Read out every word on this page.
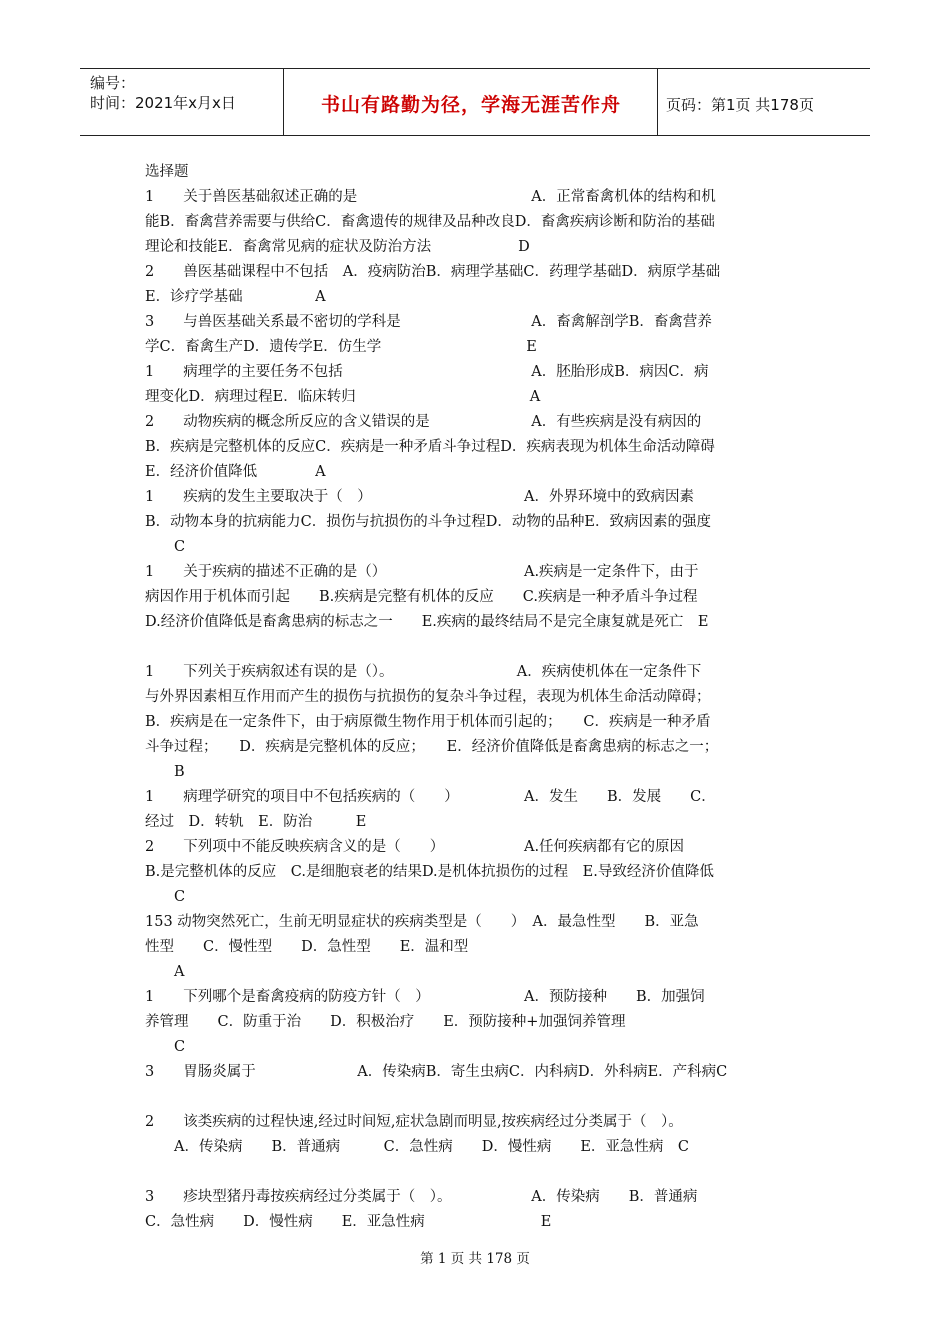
编号：
时间：2021年x月x日	书山有路勤为径，学海无涯苦作舟	页码：第1页 共178页
选择题
1　　关于兽医基础叙述正确的是　　　　　　　　　　　　A．正常畜禽机体的结构和机
能B．畜禽营养需要与供给C．畜禽遗传的规律及品种改良D．畜禽疾病诊断和防治的基础
理论和技能E．畜禽常见病的症状及防治方法　　　　　　D
2　　兽医基础课程中不包括　A．疫病防治B．病理学基础C．药理学基础D．病原学基础
E．诊疗学基础　　　　　A
3　　与兽医基础关系最不密切的学科是　　　　　　　　　A．畜禽解剖学B．畜禽营养
学C．畜禽生产D．遗传学E．仿生学　　　　　　　　　　E
1　　病理学的主要任务不包括　　　　　　　　　　　　　A．胚胎形成B．病因C．病
理变化D．病理过程E．临床转归　　　　　　　　　　　　A
2　　动物疾病的概念所反应的含义错误的是　　　　　　　A．有些疾病是没有病因的
B．疾病是完整机体的反应C．疾病是一种矛盾斗争过程D．疾病表现为机体生命活动障碍
E．经济价值降低　　　　A
1　　疾病的发生主要取决于（　）　　　　　　　　　　　A．外界环境中的致病因素
B．动物本身的抗病能力C．损伤与抗损伤的斗争过程D．动物的品种E．致病因素的强度
　　C
1　　关于疾病的描述不正确的是（）　　　　　　　　　　A.疾病是一定条件下，由于
病因作用于机体而引起　　B.疾病是完整有机体的反应　　C.疾病是一种矛盾斗争过程
D.经济价值降低是畜禽患病的标志之一　　E.疾病的最终结局不是完全康复就是死亡　E
1　　下列关于疾病叙述有误的是（）。　　　　　　　　　A．疾病使机体在一定条件下
与外界因素相互作用而产生的损伤与抗损伤的复杂斗争过程，表现为机体生命活动障碍；
B．疾病是在一定条件下，由于病原微生物作用于机体而引起的；　　C．疾病是一种矛盾
斗争过程；　　D．疾病是完整机体的反应；　　E．经济价值降低是畜禽患病的标志之一；
　　B
1　　病理学研究的项目中不包括疾病的（　　）　　　　　A．发生　　B．发展　　C．
经过　D．转轨　E．防治　　　E
2　　下列项中不能反映疾病含义的是（　　）　　　　　　A.任何疾病都有它的原因
B.是完整机体的反应　C.是细胞衰老的结果D.是机体抗损伤的过程　E.导致经济价值降低
　　C
153 动物突然死亡，生前无明显症状的疾病类型是（　　）　A．最急性型　　B．亚急
性型　　C．慢性型　　D．急性型　　E．温和型
　　A
1　　下列哪个是畜禽疫病的防疫方针（　）　　　　　　　A．预防接种　　B．加强饲
养管理　　C．防重于治　　D．积极治疗　　E．预防接种+加强饲养管理
　　C
3　　胃肠炎属于　　　　　　　A．传染病B．寄生虫病C．内科病D．外科病E．产科病C
2　　该类疾病的过程快速,经过时间短,症状急剧而明显,按疾病经过分类属于（　）。
　　A．传染病　　B．普通病　　　C．急性病　　D．慢性病　　E．亚急性病　C
3　　疹块型猪丹毒按疾病经过分类属于（　）。　　　　　　A．传染病　　B．普通病
C．急性病　　D．慢性病　　E．亚急性病　　　　　　　　E
第 1 页 共 178 页
